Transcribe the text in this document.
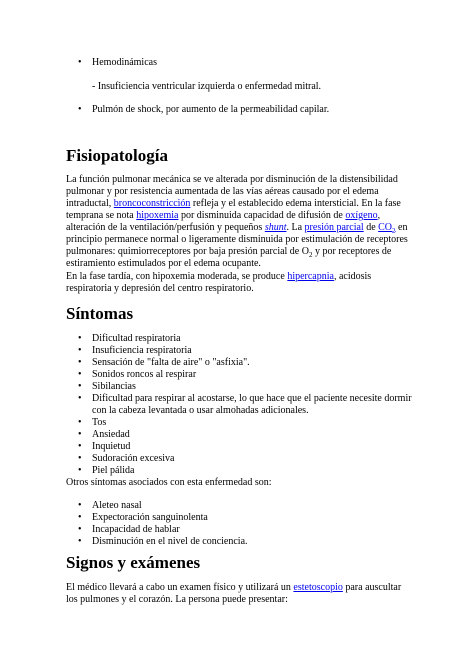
• Hemodinámicas
- Insuficiencia ventricular izquierda o enfermedad mitral.
• Pulmón de shock, por aumento de la permeabilidad capilar.
Fisiopatología

La función pulmonar mecánica se ve alterada por disminución de la distensibilidad pulmonar y por resistencia aumentada de las vías aéreas causado por el edema intraductal, broncoconstricción refleja y el establecido edema intersticial. En la fase temprana se nota hipoxemia por disminuida capacidad de difusión de oxígeno, alteración de la ventilación/perfusión y pequeños shunt. La presión parcial de $CO_2$ en principio permanece normal o ligeramente disminuida por estimulación de receptores pulmonares: quimiorreceptores por baja presión parcial de $O_2$ y por receptores de estiramiento estimulados por el edema ocupante.

En la fase tardía, con hipoxemia moderada, se produce hipercapnia, acidosis respiratoria y depresión del centro respiratorio.

Síntomas
• Dificultad respiratoria
• Insuficiencia respiratoria
• Sensación de "falta de aire" o "asfixia".
• Sonidos roncos al respirar
• Sibilancias
• Dificultad para respirar al acostarse, lo que hace que el paciente necesite dormir con la cabeza levantada o usar almohadas adicionales.
• Tos
• Ansiedad
• Inquietud
• Sudoración excesiva
• Piel pálida

Otros síntomas asociados con esta enfermedad son:

• Aleteo nasal
• Expectoración sanguinolenta
• Incapacidad de hablar
• Disminución en el nivel de conciencia.
Signos y exámenes

El médico llevará a cabo un examen físico y utilizará un estetoscopio para auscultar los pulmones y el corazón. La persona puede presentar:
